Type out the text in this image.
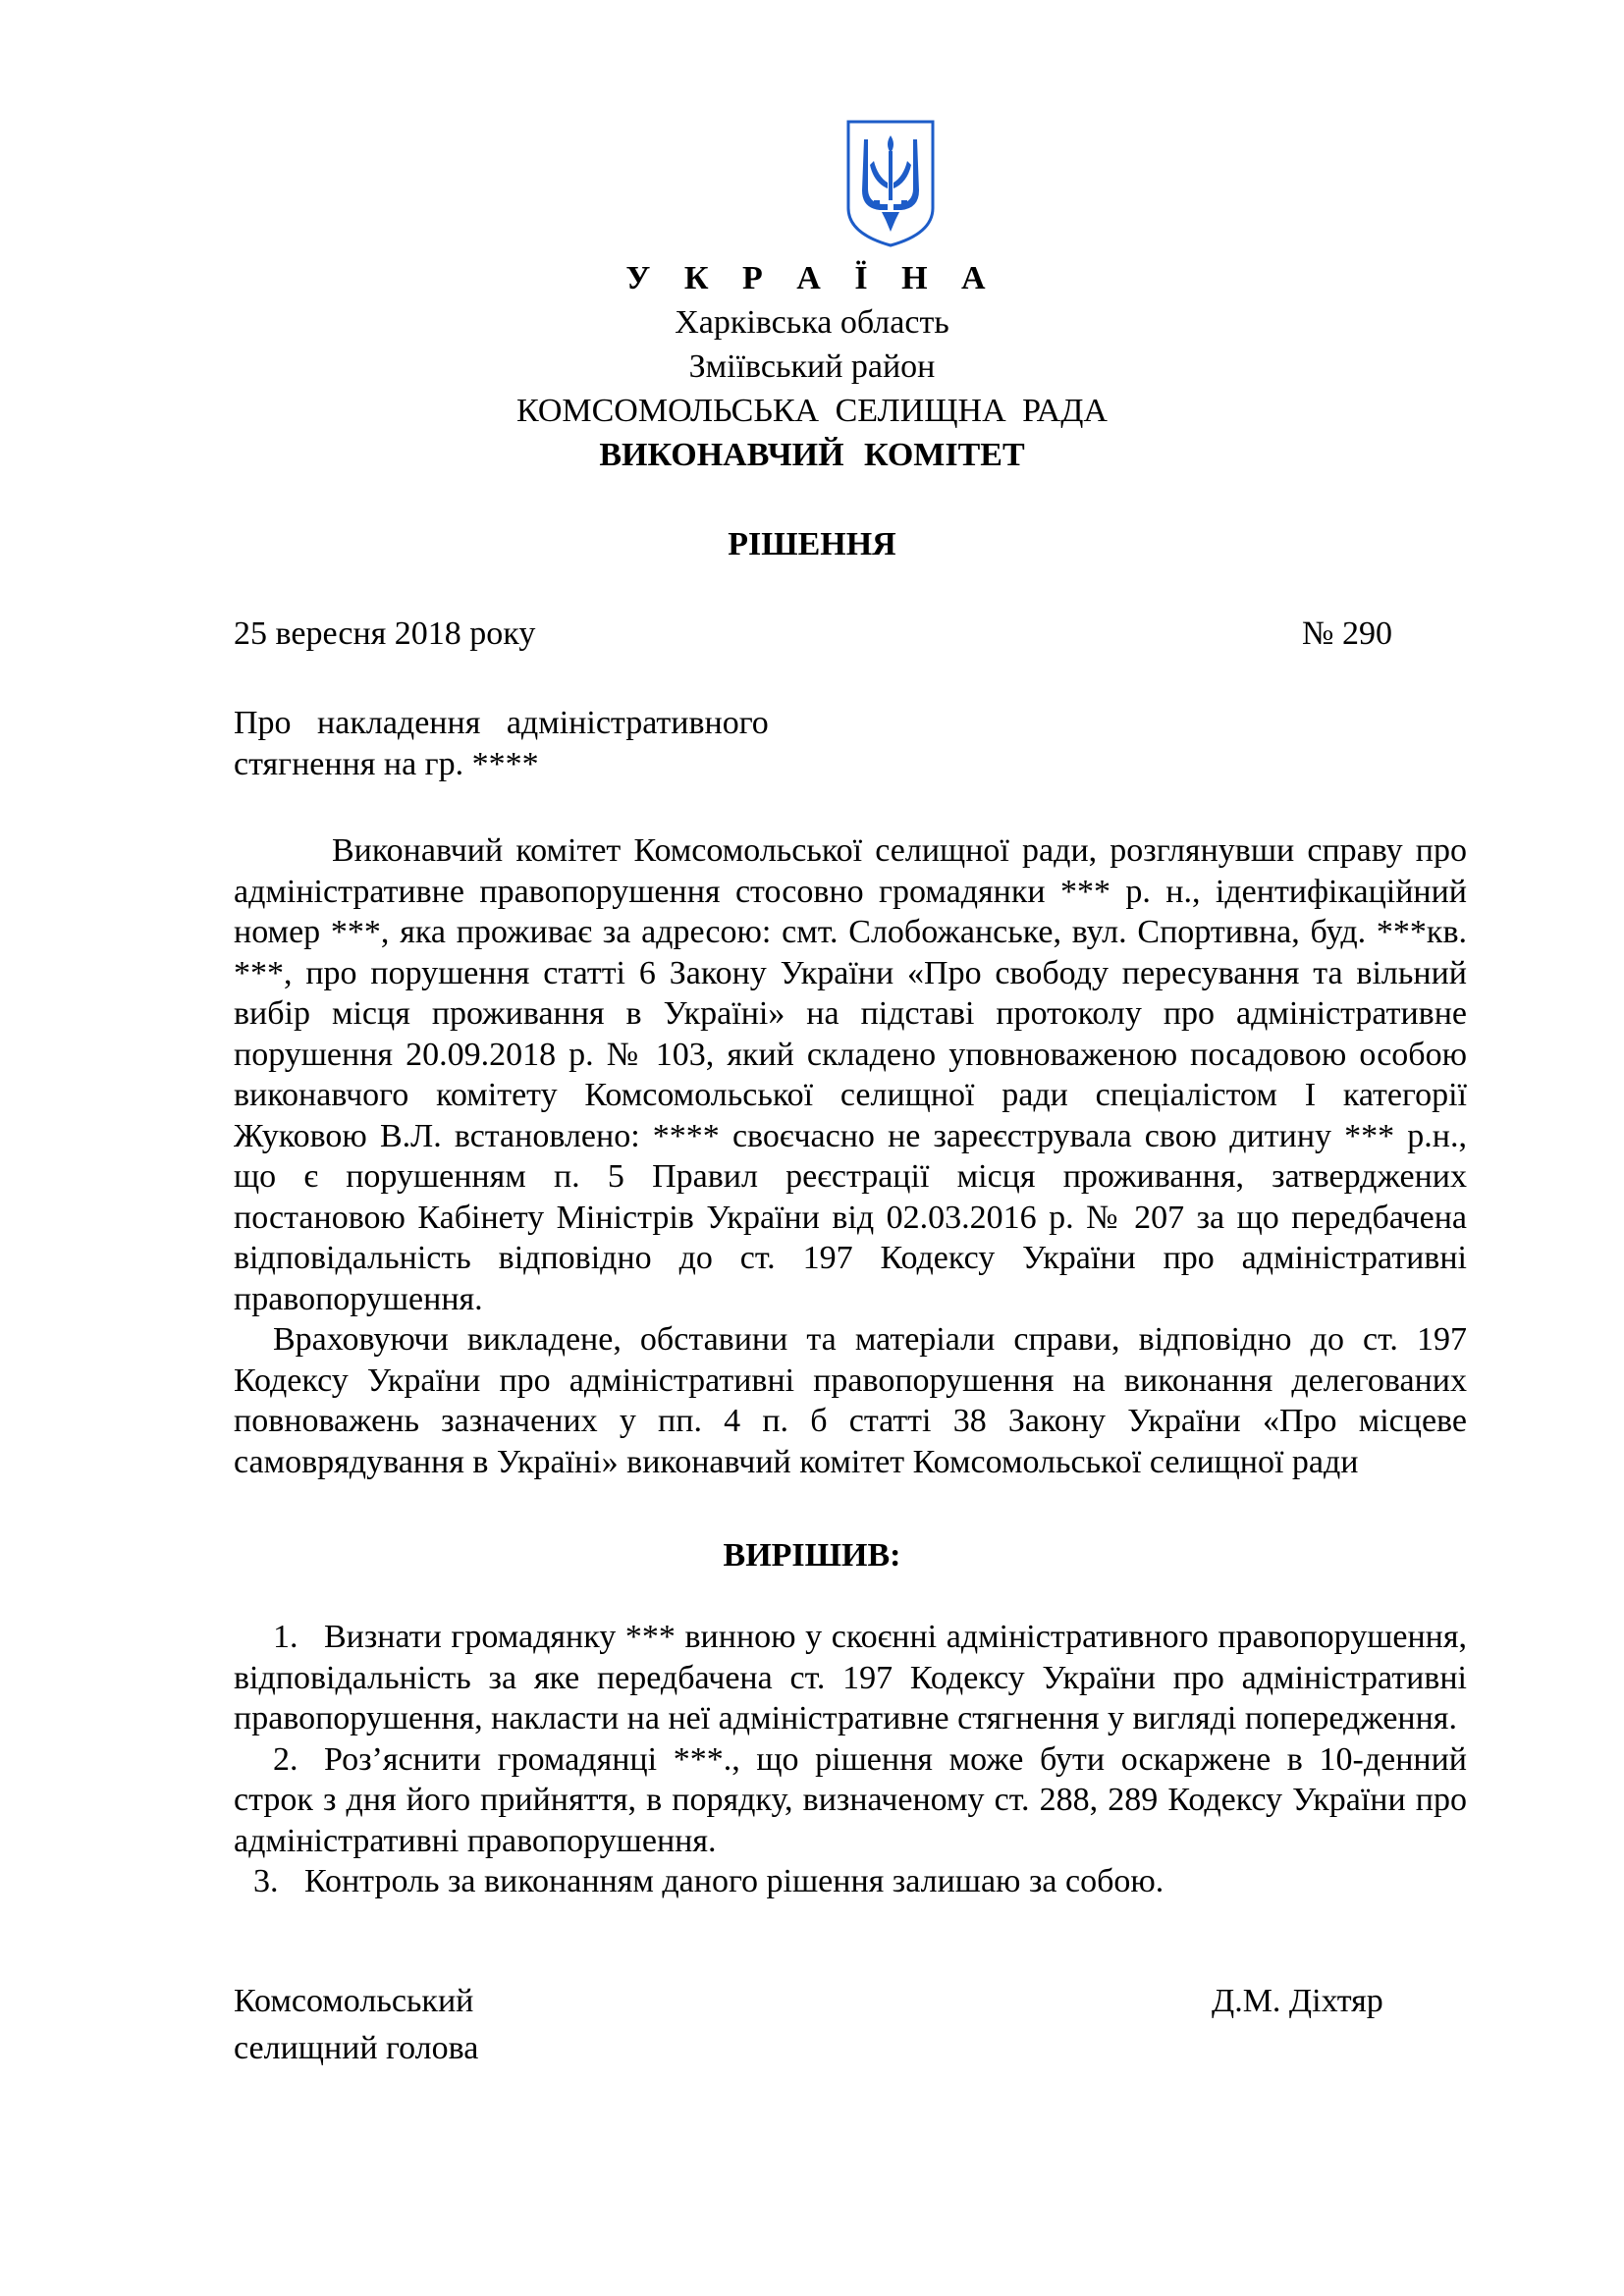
У К Р А Ї Н А
Харківська область
Зміївський район
КОМСОМОЛЬСЬКА СЕЛИЩНА РАДА
ВИКОНАВЧИЙ КОМІТЕТ
РІШЕННЯ
25 вересня 2018 року	№ 290
Про накладення адміністративного
стягнення на гр. ****

Виконавчий комітет Комсомольської селищної ради, розглянувши справу про адміністративне правопорушення стосовно громадянки *** р. н., ідентифікаційний номер ***, яка проживає за адресою: смт. Слобожанське, вул. Спортивна, буд. ***кв. ***, про порушення статті 6 Закону України «Про свободу пересування та вільний вибір місця проживання в Україні» на підставі протоколу про адміністративне порушення 20.09.2018 р. № 103, який складено уповноваженою посадовою особою виконавчого комітету Комсомольської селищної ради спеціалістом І категорії Жуковою В.Л. встановлено: **** своєчасно не зареєструвала свою дитину *** р.н., що є порушенням п. 5 Правил реєстрації місця проживання, затверджених постановою Кабінету Міністрів України від 02.03.2016 р. № 207 за що передбачена відповідальність відповідно до ст. 197 Кодексу України про адміністративні правопорушення.

Враховуючи викладене, обставини та матеріали справи, відповідно до ст. 197 Кодексу України про адміністративні правопорушення на виконання делегованих повноважень зазначених у пп. 4 п. б статті 38 Закону України «Про місцеве самоврядування в Україні» виконавчий комітет Комсомольської селищної ради

ВИРІШИВ:

1. Визнати громадянку *** винною у скоєнні адміністративного правопорушення, відповідальність за яке передбачена ст. 197 Кодексу України про адміністративні правопорушення, накласти на неї адміністративне стягнення у вигляді попередження.

2. Роз’яснити громадянці ***., що рішення може бути оскаржене в 10-денний строк з дня його прийняття, в порядку, визначеному ст. 288, 289 Кодексу України про адміністративні правопорушення.

3. Контроль за виконанням даного рішення залишаю за собою.

Комсомольський
селищний голова
Д.М. Діхтяр
